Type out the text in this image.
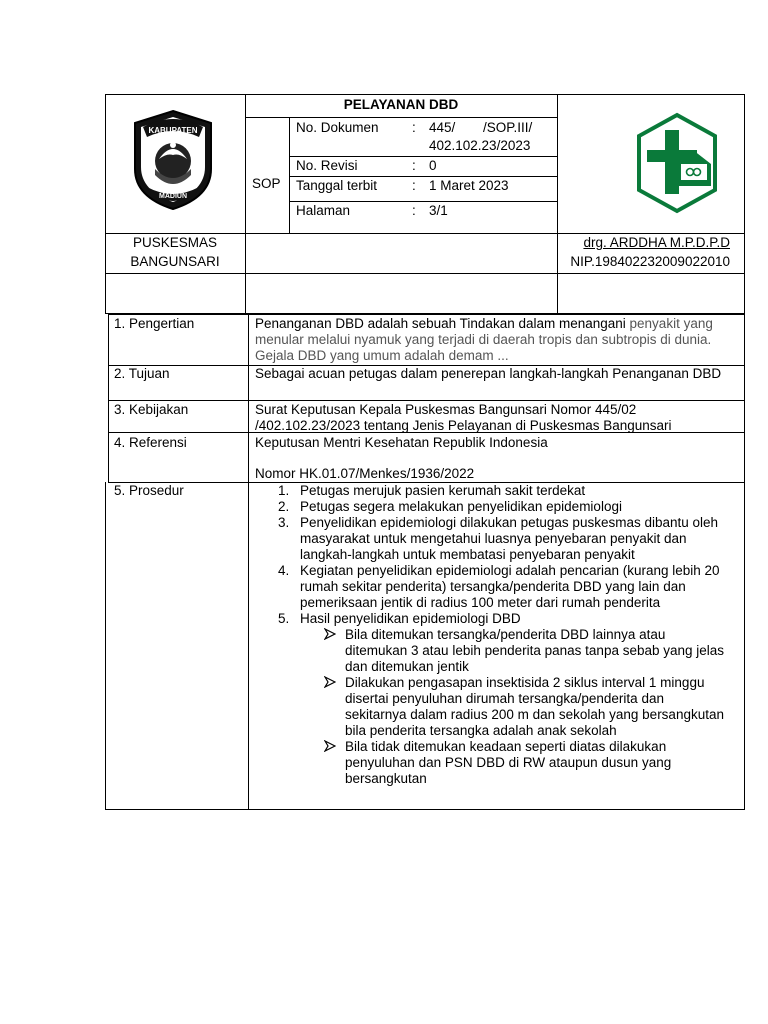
KABUPATEN
MADIUN
PELAYANAN DBD
SOP
No. Dokumen : 445/ /SOP.III/
402.102.23/2023
No. Revisi	: 0
Tanggal terbit	: 1 Maret 2023
Halaman	: 3/1
PUSKESMAS
BANGUNSARI
drg. ARDDHA M.P.D.P.D
NIP.198402232009022010
1. Pengertian	Penanganan DBD adalah sebuah Tindakan dalam menangani penyakit yang
menular melalui nyamuk yang terjadi di daerah tropis dan subtropis di dunia.
Gejala DBD yang umum adalah demam ...
2. Tujuan	Sebagai acuan petugas dalam penerepan langkah-langkah Penanganan DBD
3. Kebijakan	Surat Keputusan Kepala Puskesmas Bangunsari Nomor 445/02
/402.102.23/2023 tentang Jenis Pelayanan di Puskesmas Bangunsari
4. Referensi	Keputusan Mentri Kesehatan Republik Indonesia
Nomor HK.01.07/Menkes/1936/2022
5. Prosedur	1. Petugas merujuk pasien kerumah sakit terdekat
2. Petugas segera melakukan penyelidikan epidemiologi
3. Penyelidikan epidemiologi dilakukan petugas puskesmas dibantu oleh
masyarakat untuk mengetahui luasnya penyebaran penyakit dan
langkah-langkah untuk membatasi penyebaran penyakit
4. Kegiatan penyelidikan epidemiologi adalah pencarian (kurang lebih 20
rumah sekitar penderita) tersangka/penderita DBD yang lain dan
pemeriksaan jentik di radius 100 meter dari rumah penderita
5. Hasil penyelidikan epidemiologi DBD
Bila ditemukan tersangka/penderita DBD lainnya atau
ditemukan 3 atau lebih penderita panas tanpa sebab yang jelas
dan ditemukan jentik
Dilakukan pengasapan insektisida 2 siklus interval 1 minggu
disertai penyuluhan dirumah tersangka/penderita dan
sekitarnya dalam radius 200 m dan sekolah yang bersangkutan
bila penderita tersangka adalah anak sekolah
Bila tidak ditemukan keadaan seperti diatas dilakukan
penyuluhan dan PSN DBD di RW ataupun dusun yang
bersangkutan
